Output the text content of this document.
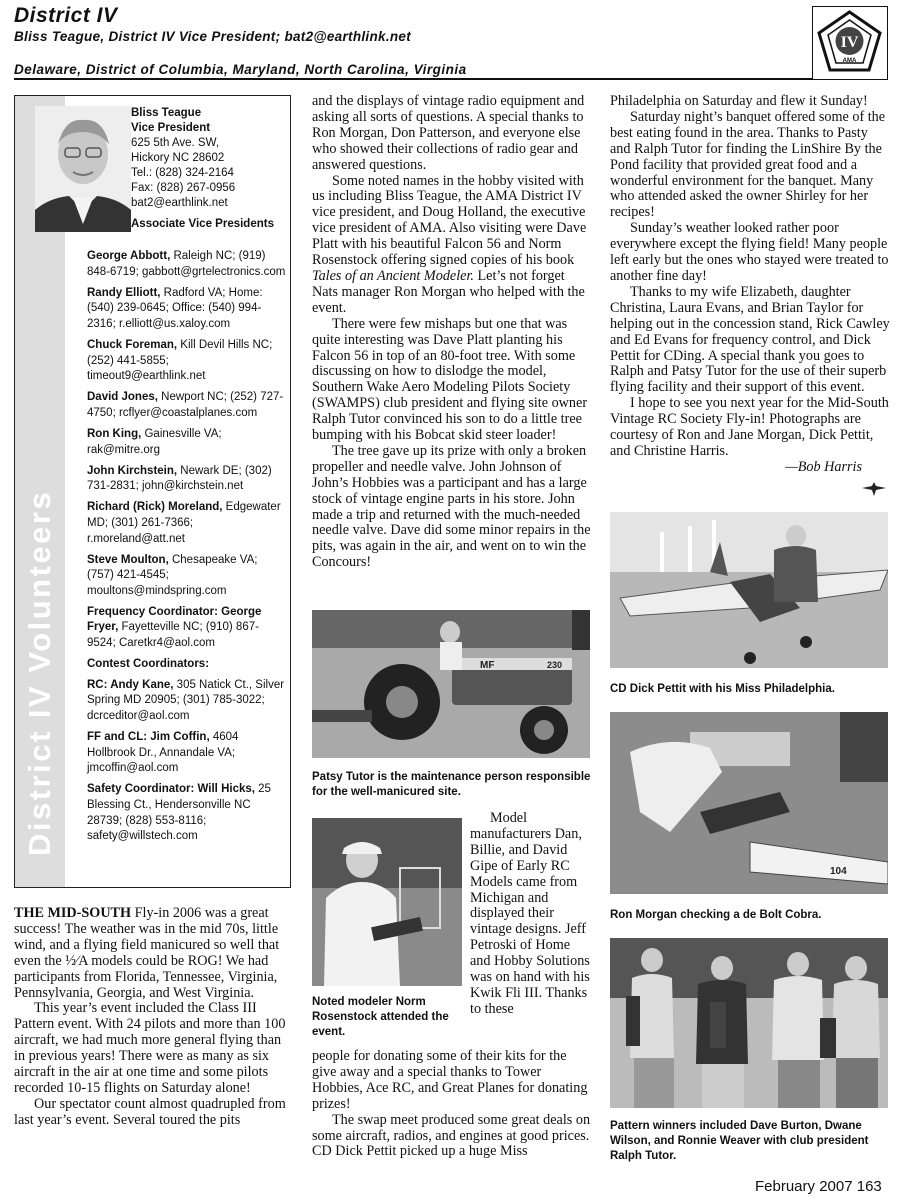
District IV
Bliss Teague, District IV Vice President; bat2@earthlink.net
Delaware, District of Columbia, Maryland, North Carolina, Virginia
IV
AMA
District IV Volunteers
Bliss Teague
Vice President
625 5th Ave. SW,
Hickory NC 28602
Tel.: (828) 324-2164
Fax: (828) 267-0956
bat2@earthlink.net
Associate Vice Presidents
George Abbott, Raleigh NC; (919) 848-6719; gabbott@grtelectronics.com
Randy Elliott, Radford VA; Home: (540) 239-0645; Office: (540) 994-2316; r.elliott@us.xaloy.com
Chuck Foreman, Kill Devil Hills NC; (252) 441-5855; timeout9@earthlink.net
David Jones, Newport NC; (252) 727-4750; rcflyer@coastalplanes.com
Ron King, Gainesville VA; rak@mitre.org
John Kirchstein, Newark DE; (302) 731-2831; john@kirchstein.net
Richard (Rick) Moreland, Edgewater MD; (301) 261-7366; r.moreland@att.net
Steve Moulton, Chesapeake VA; (757) 421-4545; moultons@mindspring.com
Frequency Coordinator: George Fryer, Fayetteville NC; (910) 867-9524; Caretkr4@aol.com
Contest Coordinators:
RC: Andy Kane, 305 Natick Ct., Silver Spring MD 20905; (301) 785-3022; dcrceditor@aol.com
FF and CL: Jim Coffin, 4604 Hollbrook Dr., Annandale VA; jmcoffin@aol.com
Safety Coordinator: Will Hicks, 25 Blessing Ct., Hendersonville NC 28739; (828) 553-8116; safety@willstech.com

THE MID-SOUTH Fly-in 2006 was a great success! The weather was in the mid 70s, little wind, and a flying field manicured so well that even the ½⁄A models could be ROG! We had participants from Florida, Tennessee, Virginia, Pennsylvania, Georgia, and West Virginia.

This year’s event included the Class III Pattern event. With 24 pilots and more than 100 aircraft, we had much more general flying than in previous years! There were as many as six aircraft in the air at one time and some pilots recorded 10-15 flights on Saturday alone!

Our spectator count almost quadrupled from last year’s event. Several toured the pits

and the displays of vintage radio equipment and asking all sorts of questions. A special thanks to Ron Morgan, Don Patterson, and everyone else who showed their collections of radio gear and answered questions.

Some noted names in the hobby visited with us including Bliss Teague, the AMA District IV vice president, and Doug Holland, the executive vice president of AMA. Also visiting were Dave Platt with his beautiful Falcon 56 and Norm Rosenstock offering signed copies of his book Tales of an Ancient Modeler. Let’s not forget Nats manager Ron Morgan who helped with the event.

There were few mishaps but one that was quite interesting was Dave Platt planting his Falcon 56 in top of an 80-foot tree. With some discussing on how to dislodge the model, Southern Wake Aero Modeling Pilots Society (SWAMPS) club president and flying site owner Ralph Tutor convinced his son to do a little tree bumping with his Bobcat skid steer loader!

The tree gave up its prize with only a broken propeller and needle valve. John Johnson of John’s Hobbies was a participant and has a large stock of vintage engine parts in his store. John made a trip and returned with the much-needed needle valve. Dave did some minor repairs in the pits, was again in the air, and went on to win the Concours!

MF	230
Patsy Tutor is the maintenance person responsible for the well-manicured site.
Noted modeler Norm Rosenstock attended the event.

Model manufacturers Dan, Billie, and David Gipe of Early RC Models came from Michigan and displayed their vintage designs. Jeff Petroski of Home and Hobby Solutions was on hand with his Kwik Fli III. Thanks to these

people for donating some of their kits for the give away and a special thanks to Tower Hobbies, Ace RC, and Great Planes for donating prizes!

The swap meet produced some great deals on some aircraft, radios, and engines at good prices. CD Dick Pettit picked up a huge Miss

Philadelphia on Saturday and flew it Sunday!

Saturday night’s banquet offered some of the best eating found in the area. Thanks to Pasty and Ralph Tutor for finding the LinShire By the Pond facility that provided great food and a wonderful environment for the banquet. Many who attended asked the owner Shirley for her recipes!

Sunday’s weather looked rather poor everywhere except the flying field! Many people left early but the ones who stayed were treated to another fine day!

Thanks to my wife Elizabeth, daughter Christina, Laura Evans, and Brian Taylor for helping out in the concession stand, Rick Cawley and Ed Evans for frequency control, and Dick Pettit for CDing. A special thank you goes to Ralph and Patsy Tutor for the use of their superb flying facility and their support of this event.

I hope to see you next year for the Mid-South Vintage RC Society Fly-in! Photographs are courtesy of Ron and Jane Morgan, Dick Pettit, and Christine Harris.

—Bob Harris
CD Dick Pettit with his Miss Philadelphia.
104
Ron Morgan checking a de Bolt Cobra.
Pattern winners included Dave Burton, Dwane Wilson, and Ronnie Weaver with club president Ralph Tutor.
February 2007 163
